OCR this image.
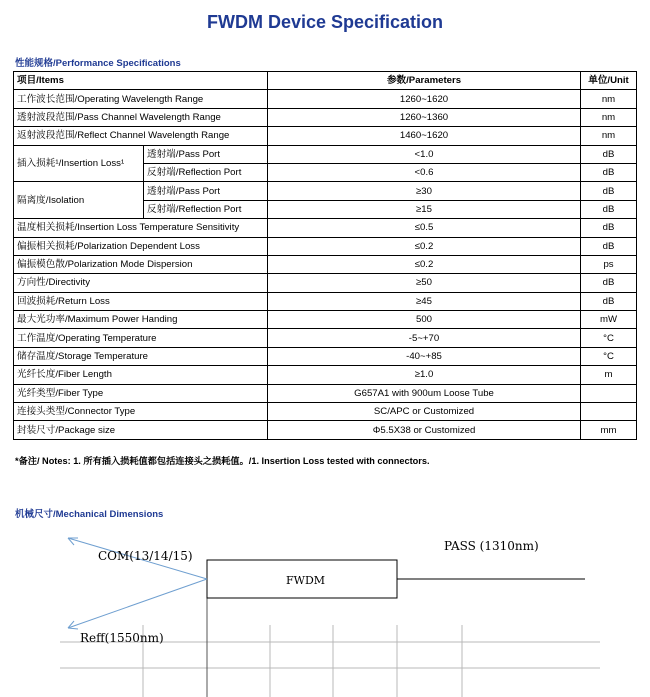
FWDM Device Specification
性能规格/Performance Specifications
项目/Items		参数/Parameters	单位/Unit
工作波长范围/Operating Wavelength Range		1260~1620	nm
透射波段范围/Pass Channel Wavelength Range		1260~1360	nm
返射波段范围/Reflect Channel Wavelength Range		1460~1620	nm
插入损耗¹/Insertion Loss¹	透射端/Pass Port	<1.0	dB
	反射端/Reflection Port	<0.6	dB
隔离度/Isolation	透射端/Pass Port	≥30	dB
	反射端/Reflection Port	≥15	dB
温度相关损耗/Insertion Loss Temperature Sensitivity		≤0.5	dB
偏振相关损耗/Polarization Dependent Loss		≤0.2	dB
偏振模色散/Polarization Mode Dispersion		≤0.2	ps
方向性/Directivity		≥50	dB
回波损耗/Return Loss		≥45	dB
最大光功率/Maximum Power Handing		500	mW
工作温度/Operating Temperature		-5~+70	°C
储存温度/Storage Temperature		-40~+85	°C
光纤长度/Fiber Length		≥1.0	m
光纤类型/Fiber Type		G657A1 with 900um Loose Tube	
连接头类型/Connector Type		SC/APC or Customized	
封装尺寸/Package size		Φ5.5X38 or Customized	mm
*备注/ Notes: 1. 所有插入损耗值都包括连接头之损耗值。/1. Insertion Loss tested with connectors.
机械尺寸/Mechanical Dimensions
COM(13/14/15)
FWDM
PASS (1310nm)
Reff(1550nm)
